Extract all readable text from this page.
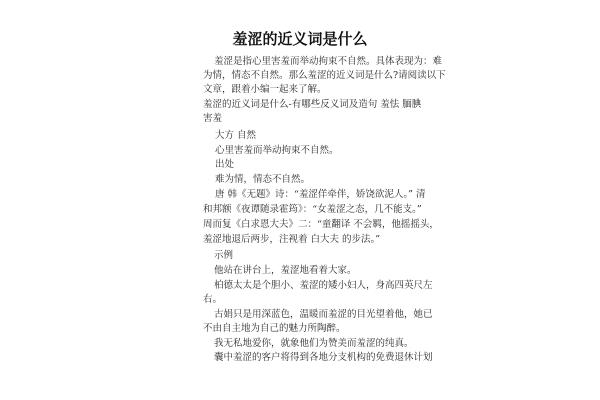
羞涩的近义词是什么

羞涩是指心里害羞而举动拘束不自然。具体表现为：难

为情，情态不自然。那么羞涩的近义词是什么?请阅读以下

文章，跟着小编一起来了解。

羞涩的近义词是什么-有哪些反义词及造句 羞怯 腼腆

害羞

大方 自然

心里害羞而举动拘束不自然。

出处

难为情，情态不自然。

唐 韩《无题》诗：“羞涩佯牵伴，娇饶欲泥人。” 清

和邦额《夜谭随录霍筠》：“女羞涩之态，几不能支。”

周而复《白求恩大夫》二：“童翻译 不会羁，他摇摇头，

羞涩地退后两步，注视着 白大夫 的步法。”

示例

他站在讲台上，羞涩地看着大家。

柏德太太是个胆小、羞涩的矮小妇人，身高四英尺左

右。

古娟只是用深蓝色，温暖而羞涩的目光望着他，她已

不由自主地为自己的魅力所陶醉。

我无私地爱你，就象他们为赞美而羞涩的纯真。

囊中羞涩的客户将得到各地分支机构的免费退休计划
